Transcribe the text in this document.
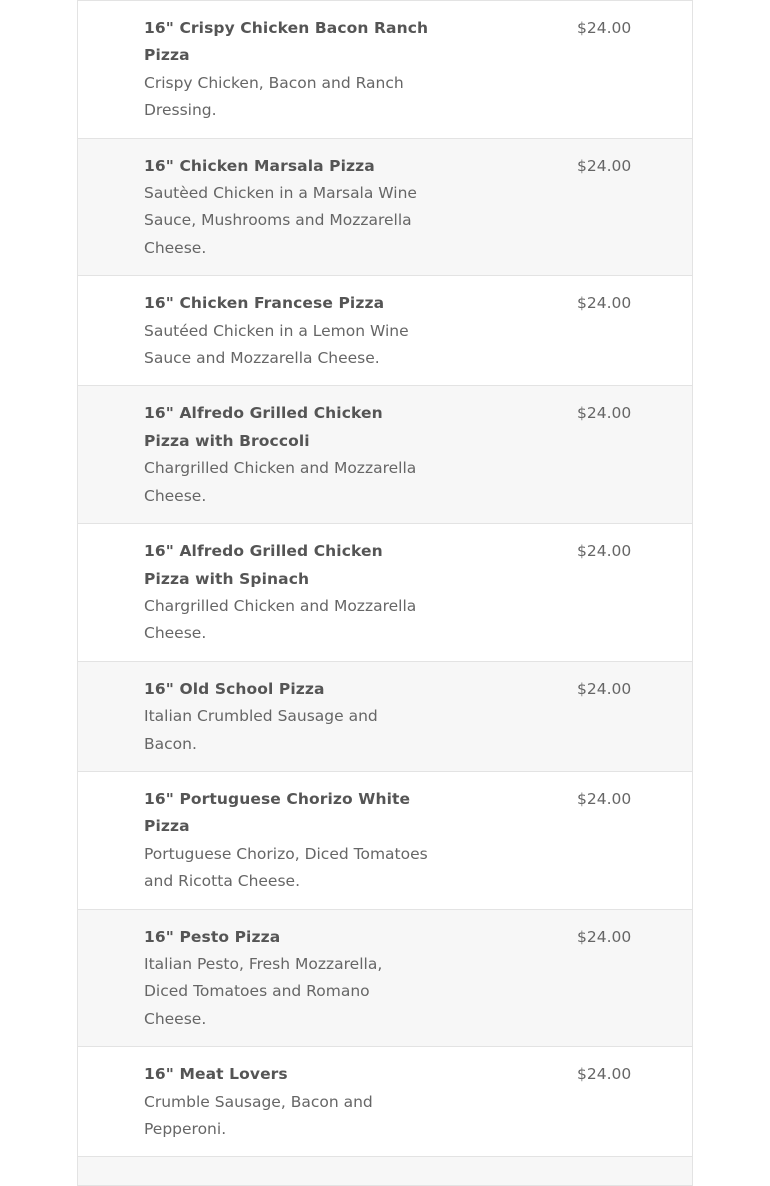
16" Crispy Chicken Bacon Ranch Pizza
Crispy Chicken, Bacon and Ranch Dressing.
$24.00
16" Chicken Marsala Pizza
Sautèed Chicken in a Marsala Wine Sauce, Mushrooms and Mozzarella Cheese.
$24.00
16" Chicken Francese Pizza
Sautéed Chicken in a Lemon Wine Sauce and Mozzarella Cheese.
$24.00
16" Alfredo Grilled Chicken Pizza with Broccoli
Chargrilled Chicken and Mozzarella Cheese.
$24.00
16" Alfredo Grilled Chicken Pizza with Spinach
Chargrilled Chicken and Mozzarella Cheese.
$24.00
16" Old School Pizza
Italian Crumbled Sausage and Bacon.
$24.00
16" Portuguese Chorizo White Pizza
Portuguese Chorizo, Diced Tomatoes and Ricotta Cheese.
$24.00
16" Pesto Pizza
Italian Pesto, Fresh Mozzarella, Diced Tomatoes and Romano Cheese.
$24.00
16" Meat Lovers
Crumble Sausage, Bacon and Pepperoni.
$24.00
